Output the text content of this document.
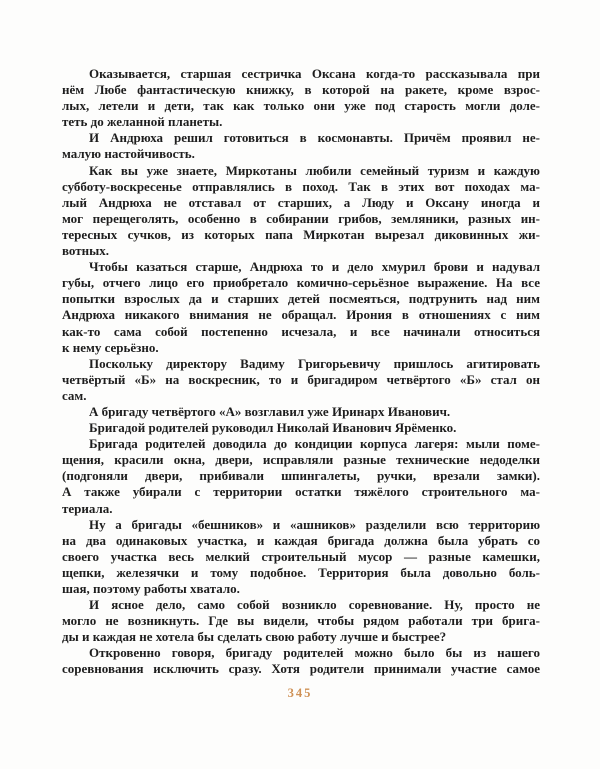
Оказывается, старшая сестричка Оксана когда-то рассказывала при
нём Любе фантастическую книжку, в которой на ракете, кроме взрос-
лых, летели и дети, так как только они уже под старость могли доле-
теть до желанной планеты.
И Андрюха решил готовиться в космонавты. Причём проявил не-
малую настойчивость.
Как вы уже знаете, Миркотаны любили семейный туризм и каждую
субботу-воскресенье отправлялись в поход. Так в этих вот походах ма-
лый Андрюха не отставал от старших, а Люду и Оксану иногда и
мог перещеголять, особенно в собирании грибов, земляники, разных ин-
тересных сучков, из которых папа Миркотан вырезал диковинных жи-
вотных.
Чтобы казаться старше, Андрюха то и дело хмурил брови и надувал
губы, отчего лицо его приобретало комично-серьёзное выражение. На все
попытки взрослых да и старших детей посмеяться, подтрунить над ним
Андрюха никакого внимания не обращал. Ирония в отношениях с ним
как-то сама собой постепенно исчезала, и все начинали относиться
к нему серьёзно.
Поскольку директору Вадиму Григорьевичу пришлось агитировать
четвёртый «Б» на воскресник, то и бригадиром четвёртого «Б» стал он
сам.
А бригаду четвёртого «А» возглавил уже Иринарх Иванович.
Бригадой родителей руководил Николай Иванович Ярёменко.
Бригада родителей доводила до кондиции корпуса лагеря: мыли поме-
щения, красили окна, двери, исправляли разные технические недоделки
(подгоняли двери, прибивали шпингалеты, ручки, врезали замки).
А также убирали с территории остатки тяжёлого строительного ма-
териала.
Ну а бригады «бешников» и «ашников» разделили всю территорию
на два одинаковых участка, и каждая бригада должна была убрать со
своего участка весь мелкий строительный мусор — разные камешки,
щепки, железячки и тому подобное. Территория была довольно боль-
шая, поэтому работы хватало.
И ясное дело, само собой возникло соревнование. Ну, просто не
могло не возникнуть. Где вы видели, чтобы рядом работали три брига-
ды и каждая не хотела бы сделать свою работу лучше и быстрее?
Откровенно говоря, бригаду родителей можно было бы из нашего
соревнования исключить сразу. Хотя родители принимали участие самое
345
